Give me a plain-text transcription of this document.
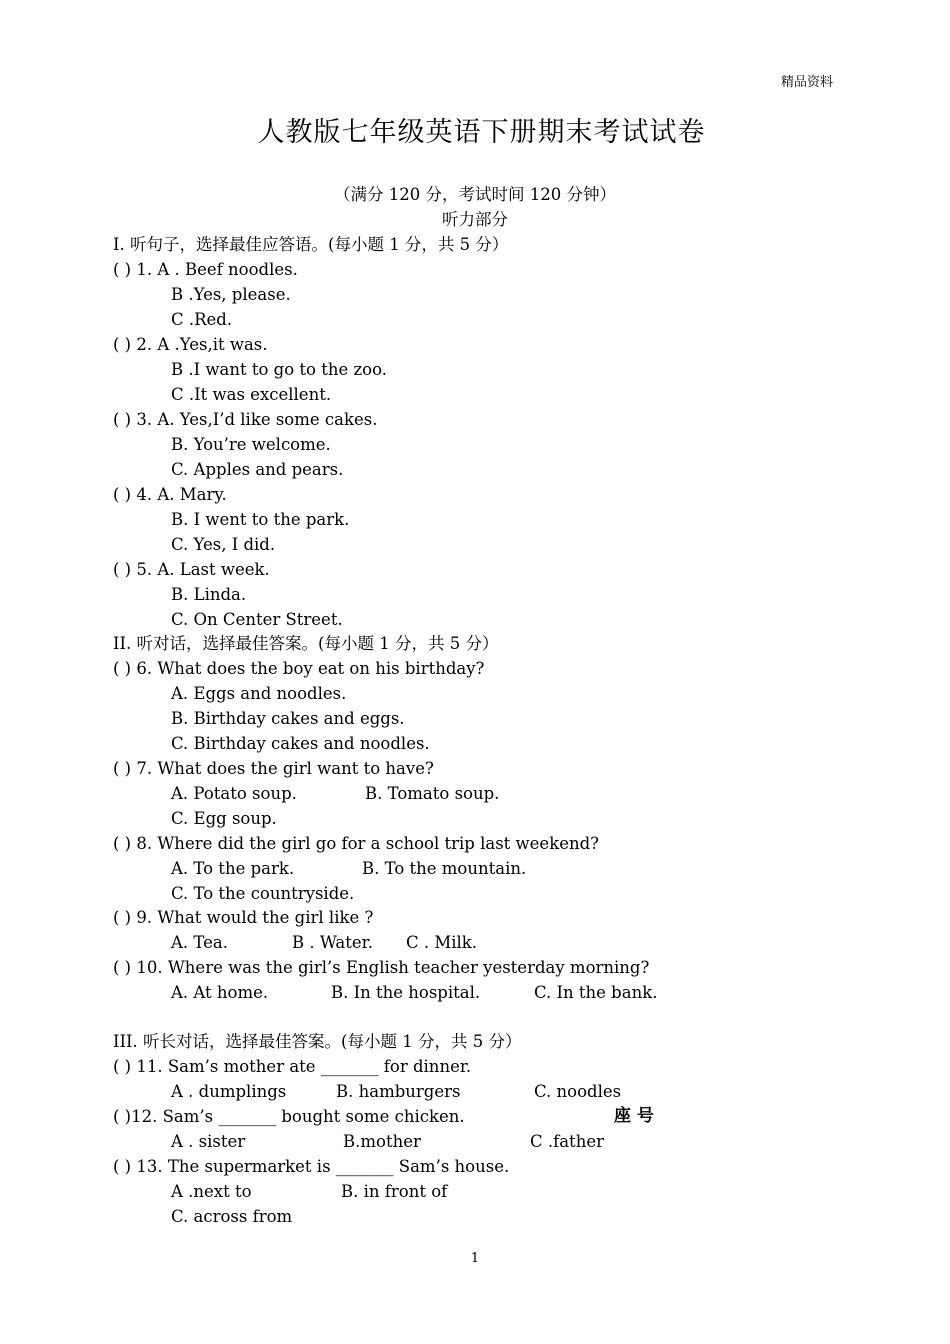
精品资料
人教版七年级英语下册期末考试试卷
（满分 120 分，考试时间 120 分钟）
听力部分
I. 听句子，选择最佳应答语。(每小题 1 分，共 5 分）
( ) 1. A . Beef noodles.
B .Yes, please.
C .Red.
( ) 2. A .Yes,it was.
B .I want to go to the zoo.
C .It was excellent.
( ) 3. A. Yes,I’d like some cakes.
B. You’re welcome.
C. Apples and pears.
( ) 4. A. Mary.
B. I went to the park.
C. Yes, I did.
( ) 5. A. Last week.
B. Linda.
C. On Center Street.
II. 听对话，选择最佳答案。(每小题 1 分，共 5 分）
( ) 6. What does the boy eat on his birthday?
A. Eggs and noodles.
B. Birthday cakes and eggs.
C. Birthday cakes and noodles.
( ) 7. What does the girl want to have?
A. Potato soup.	B. Tomato soup.
C. Egg soup.
( ) 8. Where did the girl go for a school trip last weekend?
A. To the park.	B. To the mountain.
C. To the countryside.
( ) 9. What would the girl like ?
A. Tea.	B . Water. C . Milk.
( ) 10. Where was the girl’s English teacher yesterday morning?
A. At home.	B. In the hospital.	C. In the bank.
III. 听长对话，选择最佳答案。(每小题 1 分，共 5 分）
( ) 11. Sam’s mother ate _______ for dinner.
A . dumplings	B. hamburgers	C. noodles
座 号
( )12. Sam’s _______ bought some chicken.
A . sister	B.mother	C .father
( ) 13. The supermarket is _______ Sam’s house.
A .next to	B. in front of
C. across from
1
